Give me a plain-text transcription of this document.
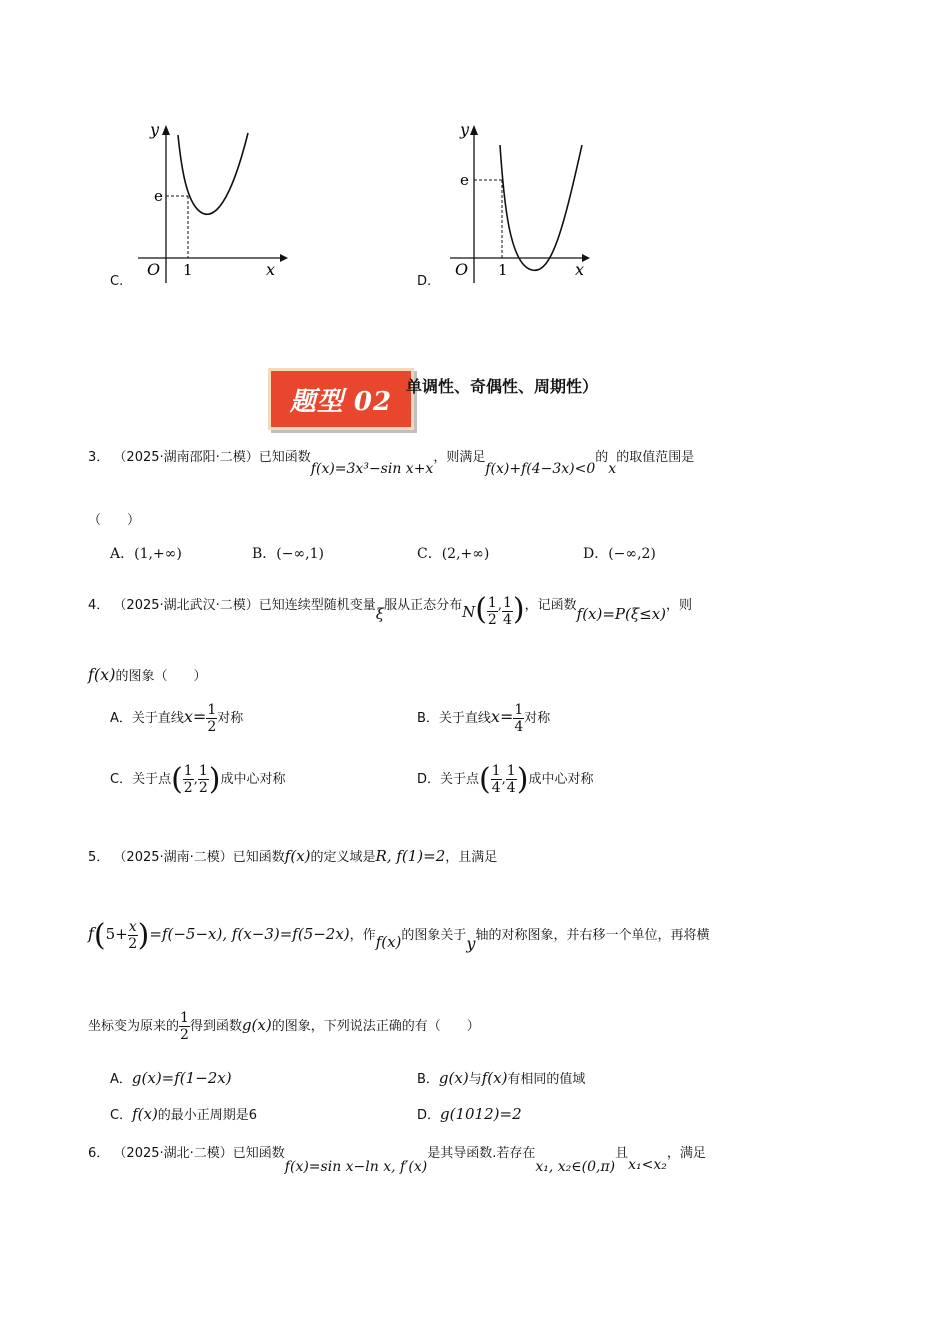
C.
y
x
O 1
e
D.
y
x
O 1
e
题型 02 单调性、奇偶性、周期性）
3． （2025·湖南邵阳·二模）已知函数f(x)=3x³−sin x+x，则满足f(x)+f(4−3x)<0的x的取值范围是
（　　）
A．(1,+∞)	B．(−∞,1)	C．(2,+∞)	D．(−∞,2)
4． （2025·湖北武汉·二模）已知连续型随机变量ξ服从正态分布$N( \frac{1}{2}$ , $\frac{1}{4}$ )，记函数f(x)=P(ξ≤x)，则
f(x)的图象（　　）
A．关于直线$x= \frac{1}{2}$ 对称	B．关于直线$x= \frac{1}{4}$ 对称
C．关于点( $\frac{1}{2}$ , $\frac{1}{2}$ )成中心对称	D．关于点( $\frac{1}{4}$ , $\frac{1}{4}$ )成中心对称
5． （2025·湖南·二模）已知函数f(x)的定义域是R, f(1)=2，且满足
$f(5+ \frac{x}{2} )=f(-5-x)$, f(x−3)=f(5−2x)，作f(x)的图象关于y轴的对称图象，并右移一个单位，再将横
坐标变为原来的 $\frac{1}{2}$ 得到函数g(x)的图象，下列说法正确的有（　　）
A．g(x)=f(1−2x)	B．g(x)与f(x)有相同的值域
C．f(x)的最小正周期是6	D．g(1012)=2
6． （2025·湖北·二模）已知函数f(x)=sin x−ln x, f′(x)是其导函数.若存在x₁, x₂∈(0,π)且x₁<x₂，满足
